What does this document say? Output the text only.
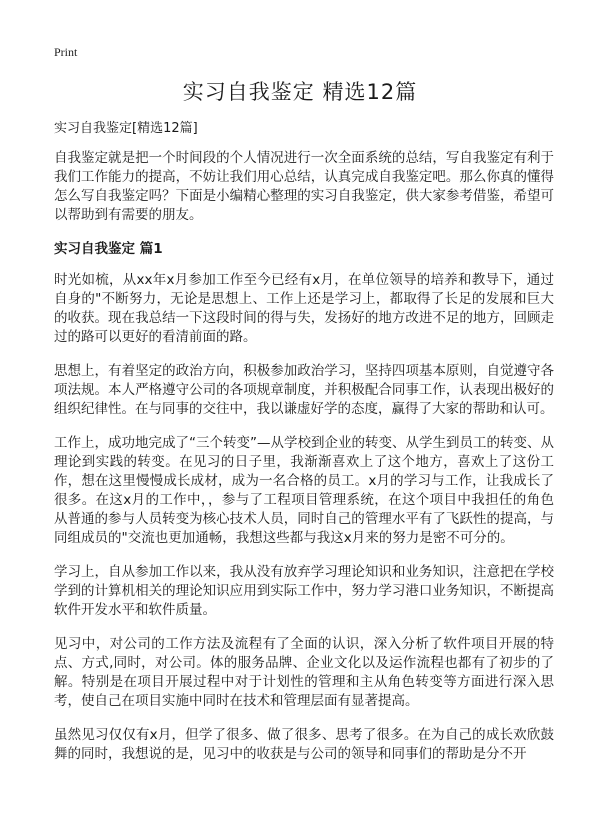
Print
实习自我鉴定 精选12篇

实习自我鉴定[精选12篇]

自我鉴定就是把一个时间段的个人情况进行一次全面系统的总结，写自我鉴定有利于我们工作能力的提高，不妨让我们用心总结，认真完成自我鉴定吧。那么你真的懂得怎么写自我鉴定吗？下面是小编精心整理的实习自我鉴定，供大家参考借鉴，希望可以帮助到有需要的朋友。

实习自我鉴定 篇1

时光如梳，从xx年x月参加工作至今已经有x月，在单位领导的培养和教导下，通过自身的"不断努力，无论是思想上、工作上还是学习上，都取得了长足的发展和巨大的收获。现在我总结一下这段时间的得与失，发扬好的地方改进不足的地方，回顾走过的路可以更好的看清前面的路。

思想上，有着坚定的政治方向，积极参加政治学习，坚持四项基本原则，自觉遵守各项法规。本人严格遵守公司的各项规章制度，并积极配合同事工作，认表现出极好的组织纪律性。在与同事的交往中，我以谦虚好学的态度，赢得了大家的帮助和认可。

工作上，成功地完成了“三个转变”—从学校到企业的转变、从学生到员工的转变、从理论到实践的转变。在见习的日子里，我渐渐喜欢上了这个地方，喜欢上了这份工作，想在这里慢慢成长成材，成为一名合格的员工。x月的学习与工作，让我成长了很多。在这x月的工作中，，参与了工程项目管理系统，在这个项目中我担任的角色从普通的参与人员转变为核心技术人员，同时自己的管理水平有了飞跃性的提高，与同组成员的"交流也更加通畅，我想这些都与我这x月来的努力是密不可分的。

学习上，自从参加工作以来，我从没有放弃学习理论知识和业务知识，注意把在学校学到的计算机相关的理论知识应用到实际工作中，努力学习港口业务知识，不断提高软件开发水平和软件质量。

见习中，对公司的工作方法及流程有了全面的认识，深入分析了软件项目开展的特点、方式,同时，对公司。体的服务品牌、企业文化以及运作流程也都有了初步的了解。特别是在项目开展过程中对于计划性的管理和主从角色转变等方面进行深入思考，使自己在项目实施中同时在技术和管理层面有显著提高。

虽然见习仅仅有x月，但学了很多、做了很多、思考了很多。在为自己的成长欢欣鼓舞的同时，我想说的是，见习中的收获是与公司的领导和同事们的帮助是分不开
